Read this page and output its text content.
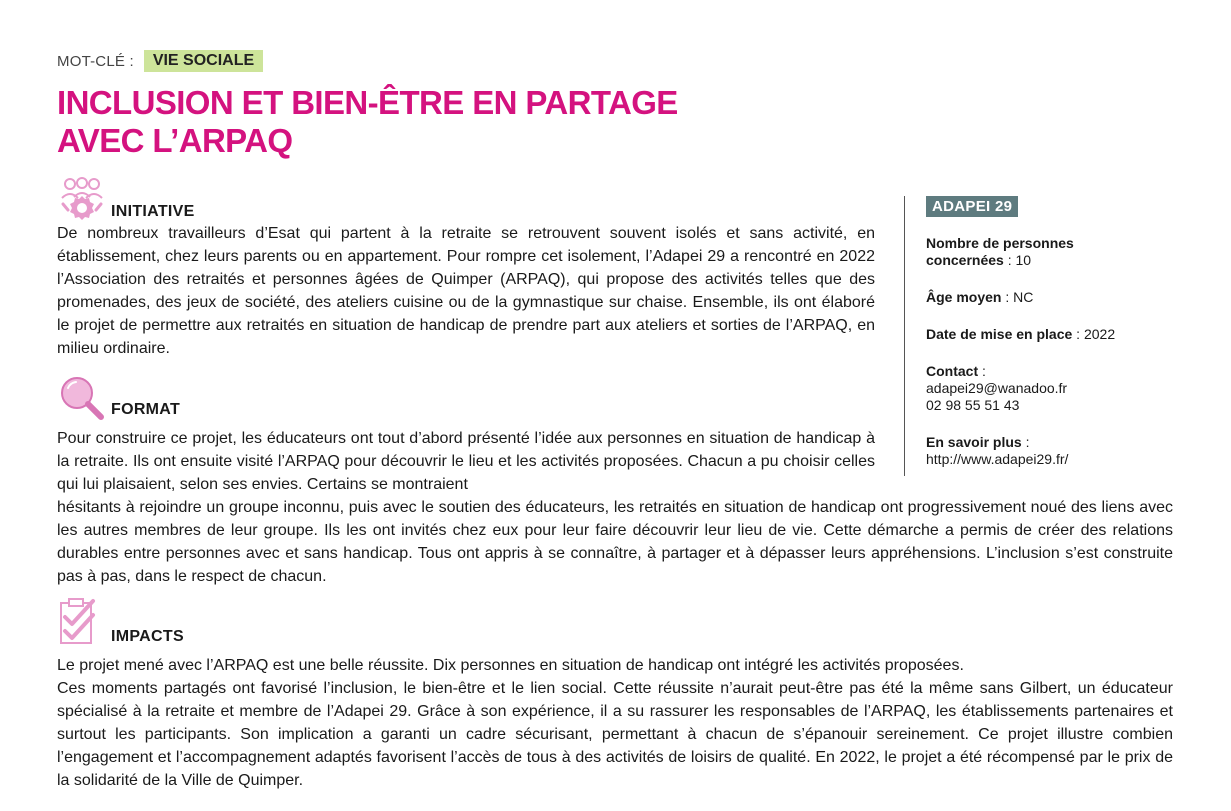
MOT-CLÉ :	VIE SOCIALE
INCLUSION ET BIEN-ÊTRE EN PARTAGE
AVEC L’ARPAQ
INITIATIVE

De nombreux travailleurs d’Esat qui partent à la retraite se retrouvent souvent isolés et sans activité, en établissement, chez leurs parents ou en appartement. Pour rompre cet isolement, l’Adapei 29 a rencontré en 2022 l’Association des retraités et personnes âgées de Quimper (ARPAQ), qui propose des activités telles que des promenades, des jeux de société, des ateliers cuisine ou de la gymnastique sur chaise. Ensemble, ils ont élaboré le projet de permettre aux retraités en situation de handicap de prendre part aux ateliers et sorties de l’ARPAQ, en milieu ordinaire.

FORMAT

Pour construire ce projet, les éducateurs ont tout d’abord présenté l’idée aux personnes en situation de handicap à la retraite. Ils ont ensuite visité l’ARPAQ pour découvrir le lieu et les activités proposées. Chacun a pu choisir celles qui lui plaisaient, selon ses envies. Certains se montraient

hésitants à rejoindre un groupe inconnu, puis avec le soutien des éducateurs, les retraités en situation de handicap ont progressivement noué des liens avec les autres membres de leur groupe. Ils les ont invités chez eux pour leur faire découvrir leur lieu de vie. Cette démarche a permis de créer des relations durables entre personnes avec et sans handicap. Tous ont appris à se connaître, à partager et à dépasser leurs appréhensions. L’inclusion s’est construite pas à pas, dans le respect de chacun.

IMPACTS

Le projet mené avec l’ARPAQ est une belle réussite. Dix personnes en situation de handicap ont intégré les activités proposées.

Ces moments partagés ont favorisé l’inclusion, le bien-être et le lien social. Cette réussite n’aurait peut-être pas été la même sans Gilbert, un éducateur spécialisé à la retraite et membre de l’Adapei 29. Grâce à son expérience, il a su rassurer les responsables de l’ARPAQ, les établissements partenaires et surtout les participants. Son implication a garanti un cadre sécurisant, permettant à chacun de s’épanouir sereinement. Ce projet illustre combien l’engagement et l’accompagnement adaptés favorisent l’accès de tous à des activités de loisirs de qualité. En 2022, le projet a été récompensé par le prix de la solidarité de la Ville de Quimper.

ADAPEI 29
Nombre de personnes
concernées : 10
Âge moyen : NC
Date de mise en place : 2022
Contact :
adapei29@wanadoo.fr
02 98 55 51 43
En savoir plus :
http://www.adapei29.fr/
